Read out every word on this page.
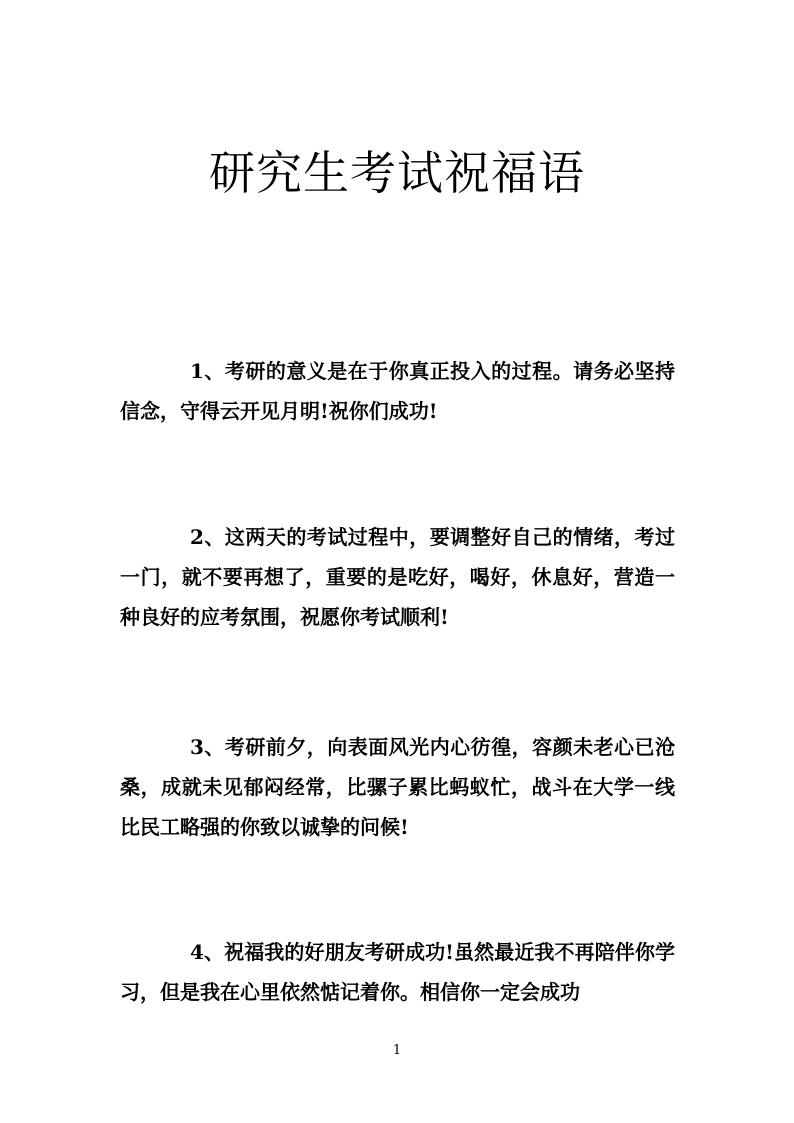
研究生考试祝福语

1、考研的意义是在于你真正投入的过程。请务必坚持信念，守得云开见月明!祝你们成功!

2、这两天的考试过程中，要调整好自己的情绪，考过一门，就不要再想了，重要的是吃好，喝好，休息好，营造一种良好的应考氛围，祝愿你考试顺利!

3、考研前夕，向表面风光内心彷徨，容颜未老心已沧桑，成就未见郁闷经常，比骡子累比蚂蚁忙，战斗在大学一线比民工略强的你致以诚挚的问候!

4、祝福我的好朋友考研成功!虽然最近我不再陪伴你学习，但是我在心里依然惦记着你。相信你一定会成功

1
